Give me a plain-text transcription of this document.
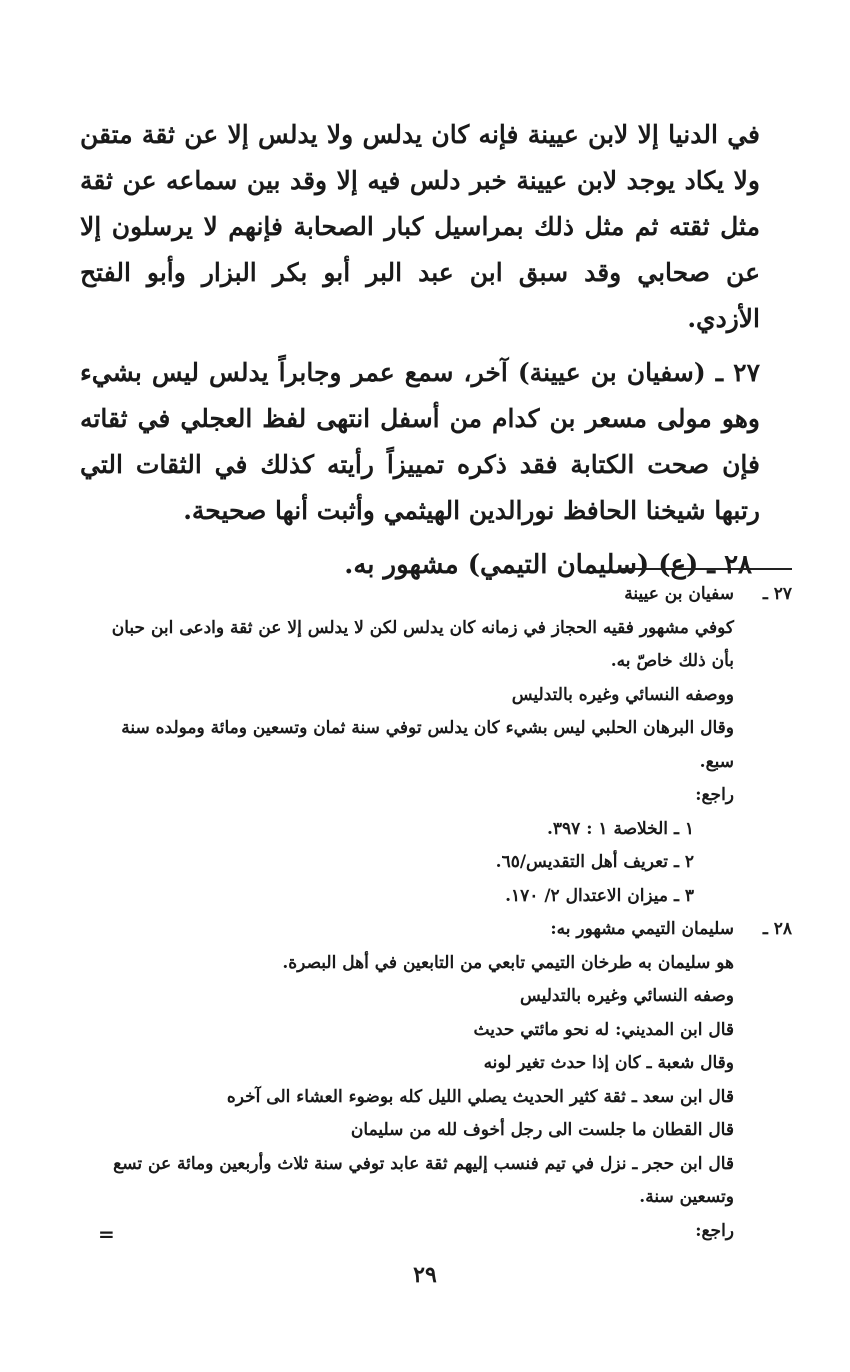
في الدنيا إلا لابن عيينة فإنه كان يدلس ولا يدلس إلا عن ثقة متقن ولا يكاد يوجد لابن عيينة خبر دلس فيه إلا وقد بين سماعه عن ثقة مثل ثقته ثم مثل ذلك بمراسيل كبار الصحابة فإنهم لا يرسلون إلا عن صحابي وقد سبق ابن عبد البر أبو بكر البزار وأبو الفتح الأزدي.

٢٧ ـ (سفيان بن عيينة) آخر، سمع عمر وجابراً يدلس ليس بشيء وهو مولى مسعر بن كدام من أسفل انتهى لفظ العجلي في ثقاته فإن صحت الكتابة فقد ذكره تمييزاً رأيته كذلك في الثقات التي رتبها شيخنا الحافظ نورالدين الهيثمي وأثبت أنها صحيحة.

٢٨ ـ (ع) (سليمان التيمي) مشهور به.
٢٧ ـ
سفيان بن عيينة
كوفي مشهور فقيه الحجاز في زمانه كان يدلس لكن لا يدلس إلا عن ثقة وادعى ابن حبان
بأن ذلك خاصّ به.
ووصفه النسائي وغيره بالتدليس
وقال البرهان الحلبي ليس بشيء كان يدلس توفي سنة ثمان وتسعين ومائة ومولده سنة سبع.
راجع:
١ ـ الخلاصة ١ : ٣٩٧.
٢ ـ تعريف أهل التقديس/٦٥.
٣ ـ ميزان الاعتدال ٢/ ١٧٠.
٢٨ ـ
سليمان التيمي مشهور به:
هو سليمان به طرخان التيمي تابعي من التابعين في أهل البصرة.
وصفه النسائي وغيره بالتدليس
قال ابن المديني: له نحو مائتي حديث
وقال شعبة ـ كان إذا حدث تغير لونه
قال ابن سعد ـ ثقة كثير الحديث يصلي الليل كله بوضوء العشاء الى آخره
قال القطان ما جلست الى رجل أخوف لله من سليمان
قال ابن حجر ـ نزل في تيم فنسب إليهم ثقة عابد توفي سنة ثلاث وأربعين ومائة عن تسع
وتسعين سنة.
راجع:
=
٢٩
